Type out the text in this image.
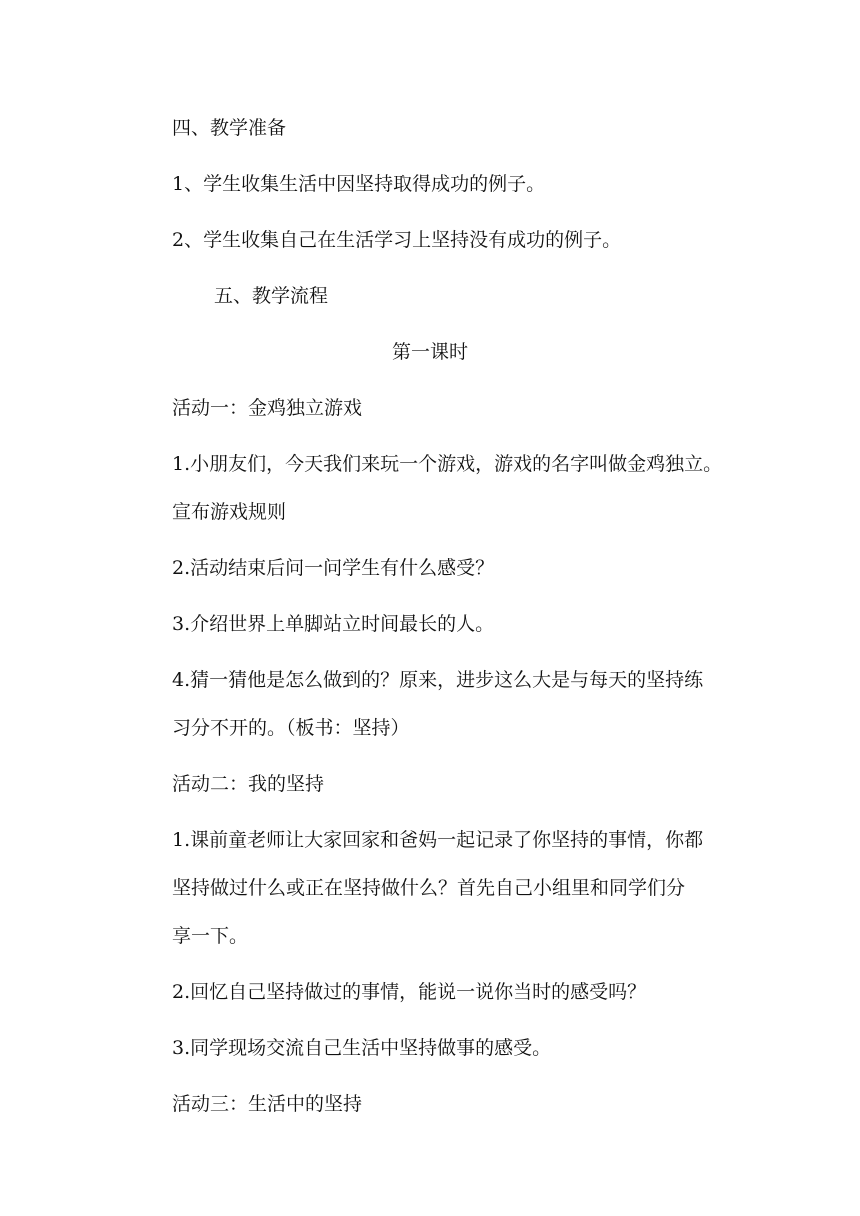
四、教学准备

1、学生收集生活中因坚持取得成功的例子。

2、学生收集自己在生活学习上坚持没有成功的例子。

五、教学流程

第一课时

活动一：金鸡独立游戏

1.小朋友们，今天我们来玩一个游戏，游戏的名字叫做金鸡独立。

宣布游戏规则

2.活动结束后问一问学生有什么感受？

3.介绍世界上单脚站立时间最长的人。

4.猜一猜他是怎么做到的？原来，进步这么大是与每天的坚持练

习分不开的。（板书：坚持）

活动二：我的坚持

1.课前童老师让大家回家和爸妈一起记录了你坚持的事情，你都

坚持做过什么或正在坚持做什么？首先自己小组里和同学们分

享一下。

2.回忆自己坚持做过的事情，能说一说你当时的感受吗？

3.同学现场交流自己生活中坚持做事的感受。

活动三：生活中的坚持
